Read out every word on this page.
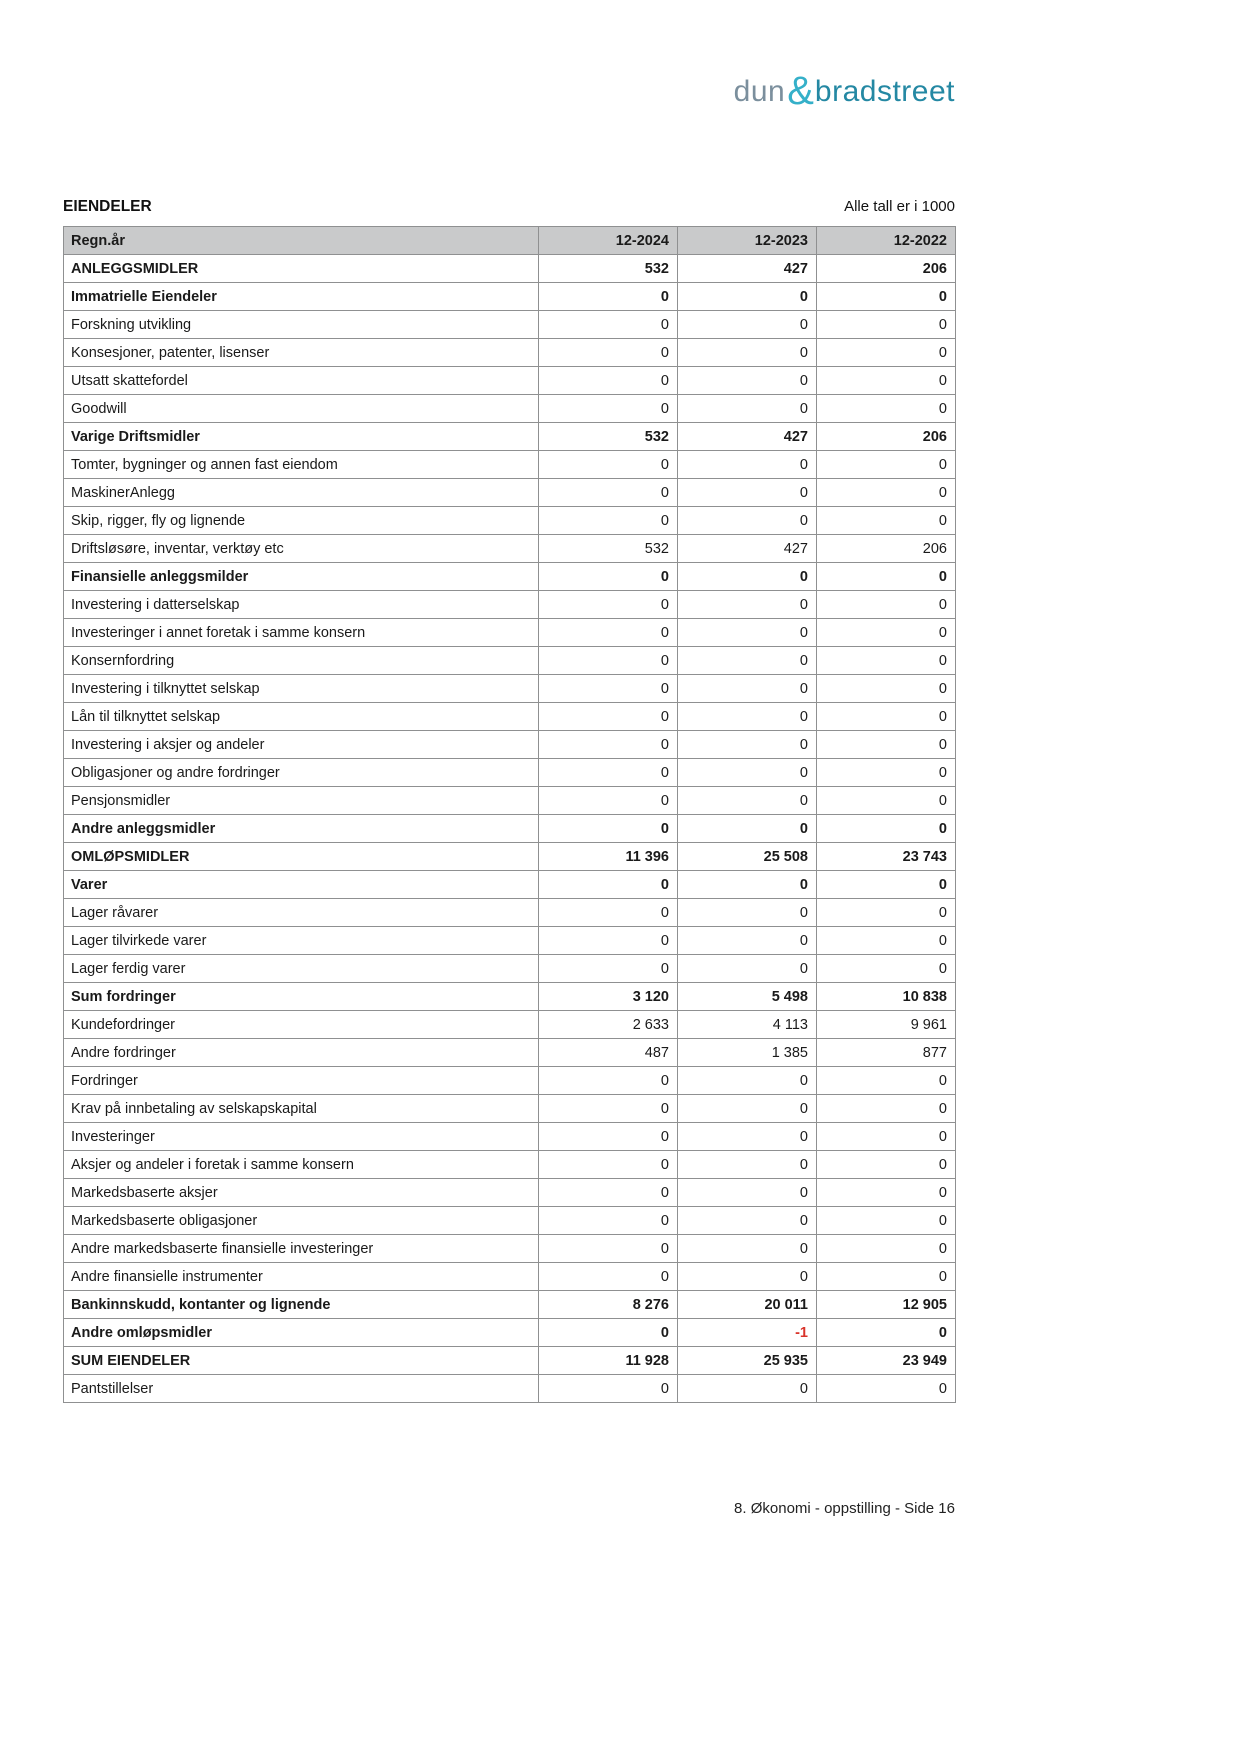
dun&bradstreet
EIENDELER	Alle tall er i 1000
Regn.år	12-2024	12-2023	12-2022
ANLEGGSMIDLER	532	427	206
Immatrielle Eiendeler	0	0	0
Forskning utvikling	0	0	0
Konsesjoner, patenter, lisenser	0	0	0
Utsatt skattefordel	0	0	0
Goodwill	0	0	0
Varige Driftsmidler	532	427	206
Tomter, bygninger og annen fast eiendom	0	0	0
MaskinerAnlegg	0	0	0
Skip, rigger, fly og lignende	0	0	0
Driftsløsøre, inventar, verktøy etc	532	427	206
Finansielle anleggsmilder	0	0	0
Investering i datterselskap	0	0	0
Investeringer i annet foretak i samme konsern	0	0	0
Konsernfordring	0	0	0
Investering i tilknyttet selskap	0	0	0
Lån til tilknyttet selskap	0	0	0
Investering i aksjer og andeler	0	0	0
Obligasjoner og andre fordringer	0	0	0
Pensjonsmidler	0	0	0
Andre anleggsmidler	0	0	0
OMLØPSMIDLER	11 396	25 508	23 743
Varer	0	0	0
Lager råvarer	0	0	0
Lager tilvirkede varer	0	0	0
Lager ferdig varer	0	0	0
Sum fordringer	3 120	5 498	10 838
Kundefordringer	2 633	4 113	9 961
Andre fordringer	487	1 385	877
Fordringer	0	0	0
Krav på innbetaling av selskapskapital	0	0	0
Investeringer	0	0	0
Aksjer og andeler i foretak i samme konsern	0	0	0
Markedsbaserte aksjer	0	0	0
Markedsbaserte obligasjoner	0	0	0
Andre markedsbaserte finansielle investeringer	0	0	0
Andre finansielle instrumenter	0	0	0
Bankinnskudd, kontanter og lignende	8 276	20 011	12 905
Andre omløpsmidler	0	-1	0
SUM EIENDELER	11 928	25 935	23 949
Pantstillelser	0	0	0
8. Økonomi - oppstilling - Side 16
